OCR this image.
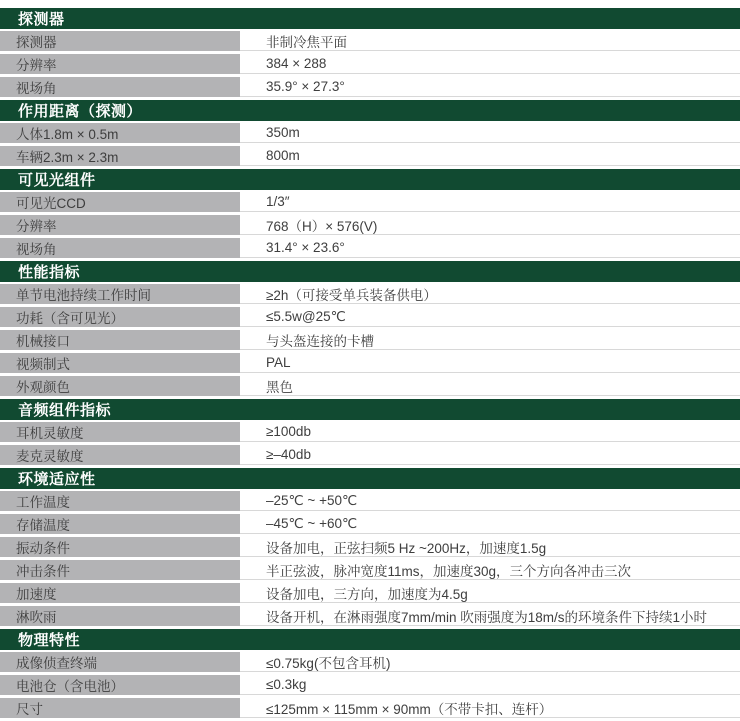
探测器
探测器	非制冷焦平面
分辨率	384 × 288
视场角	35.9° × 27.3°
作用距离（探测）
人体1.8m × 0.5m	350m
车辆2.3m × 2.3m	800m
可见光组件
可见光CCD	1/3″
分辨率	768（H）× 576(V)
视场角	31.4° × 23.6°
性能指标
单节电池持续工作时间	≥2h（可接受单兵装备供电）
功耗（含可见光）	≤5.5w@25℃
机械接口	与头盔连接的卡槽
视频制式	PAL
外观颜色	黑色
音频组件指标
耳机灵敏度	≥100db
麦克灵敏度	≥–40db
环境适应性
工作温度	–25℃ ~ +50℃
存储温度	–45℃ ~ +60℃
振动条件	设备加电，正弦扫频5 Hz ~200Hz，加速度1.5g
冲击条件	半正弦波，脉冲宽度11ms，加速度30g，三个方向各冲击三次
加速度	设备加电，三方向，加速度为4.5g
淋吹雨	设备开机，在淋雨强度7mm/min 吹雨强度为18m/s的环境条件下持续1小时
物理特性
成像侦查终端	≤0.75kg(不包含耳机)
电池仓（含电池）	≤0.3kg
尺寸	≤125mm × 115mm × 90mm（不带卡扣、连杆）
